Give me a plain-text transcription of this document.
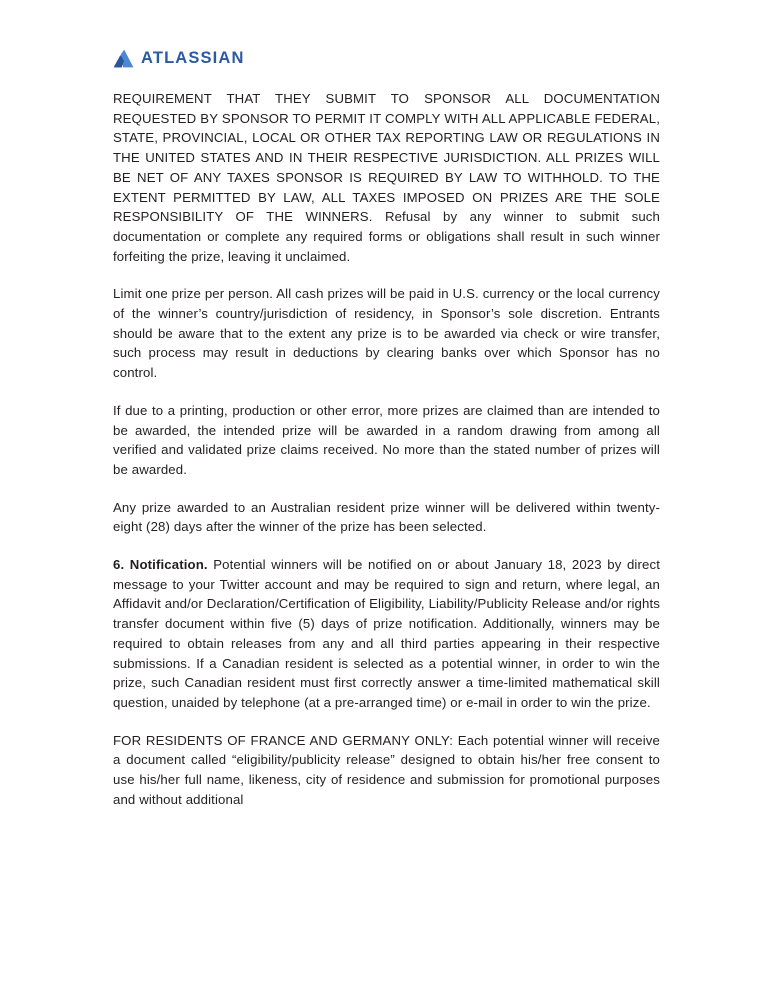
ATLASSIAN

REQUIREMENT THAT THEY SUBMIT TO SPONSOR ALL DOCUMENTATION REQUESTED BY SPONSOR TO PERMIT IT COMPLY WITH ALL APPLICABLE FEDERAL, STATE, PROVINCIAL, LOCAL OR OTHER TAX REPORTING LAW OR REGULATIONS IN THE UNITED STATES AND IN THEIR RESPECTIVE JURISDICTION. ALL PRIZES WILL BE NET OF ANY TAXES SPONSOR IS REQUIRED BY LAW TO WITHHOLD. TO THE EXTENT PERMITTED BY LAW, ALL TAXES IMPOSED ON PRIZES ARE THE SOLE RESPONSIBILITY OF THE WINNERS. Refusal by any winner to submit such documentation or complete any required forms or obligations shall result in such winner forfeiting the prize, leaving it unclaimed.

Limit one prize per person. All cash prizes will be paid in U.S. currency or the local currency of the winner’s country/jurisdiction of residency, in Sponsor’s sole discretion. Entrants should be aware that to the extent any prize is to be awarded via check or wire transfer, such process may result in deductions by clearing banks over which Sponsor has no control.

If due to a printing, production or other error, more prizes are claimed than are intended to be awarded, the intended prize will be awarded in a random drawing from among all verified and validated prize claims received. No more than the stated number of prizes will be awarded.

Any prize awarded to an Australian resident prize winner will be delivered within twenty-eight (28) days after the winner of the prize has been selected.

6. Notification. Potential winners will be notified on or about January 18, 2023 by direct message to your Twitter account and may be required to sign and return, where legal, an Affidavit and/or Declaration/Certification of Eligibility, Liability/Publicity Release and/or rights transfer document within five (5) days of prize notification. Additionally, winners may be required to obtain releases from any and all third parties appearing in their respective submissions. If a Canadian resident is selected as a potential winner, in order to win the prize, such Canadian resident must first correctly answer a time-limited mathematical skill question, unaided by telephone (at a pre-arranged time) or e-mail in order to win the prize.

FOR RESIDENTS OF FRANCE AND GERMANY ONLY: Each potential winner will receive a document called “eligibility/publicity release” designed to obtain his/her free consent to use his/her full name, likeness, city of residence and submission for promotional purposes and without additional
